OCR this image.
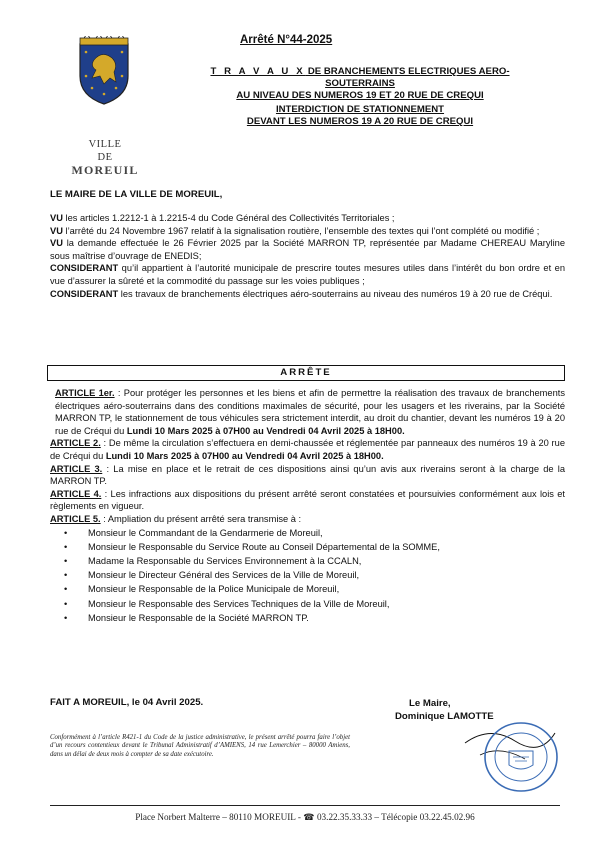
VILLE
DE
MOREUIL
Arrêté N°44-2025
T R A V A U X DE BRANCHEMENTS ELECTRIQUES AERO-SOUTERRAINS
AU NIVEAU DES NUMEROS 19 ET 20 RUE DE CREQUI
INTERDICTION DE STATIONNEMENT
DEVANT LES NUMEROS 19 A 20 RUE DE CREQUI
LE MAIRE DE LA VILLE DE MOREUIL,

VU les articles 1.2212-1 à 1.2215-4 du Code Général des Collectivités Territoriales ;

VU l’arrêté du 24 Novembre 1967 relatif à la signalisation routière, l’ensemble des textes qui l’ont complété ou modifié ;

VU la demande effectuée le 26 Février 2025 par la Société MARRON TP, représentée par Madame CHEREAU Maryline sous maîtrise d’ouvrage de ENEDIS;

CONSIDERANT qu’il appartient à l’autorité municipale de prescrire toutes mesures utiles dans l’intérêt du bon ordre et en vue d’assurer la sûreté et la commodité du passage sur les voies publiques ;

CONSIDERANT les travaux de branchements électriques aéro-souterrains au niveau des numéros 19 à 20 rue de Créqui.

ARRÊTE

ARTICLE 1er. : Pour protéger les personnes et les biens et afin de permettre la réalisation des travaux de branchements électriques aéro-souterrains dans des conditions maximales de sécurité, pour les usagers et les riverains, par la Société MARRON TP, le stationnement de tous véhicules sera strictement interdit, au droit du chantier, devant les numéros 19 à 20 rue de Créqui du Lundi 10 Mars 2025 à 07H00 au Vendredi 04 Avril 2025 à 18H00.

ARTICLE 2. : De même la circulation s’effectuera en demi-chaussée et réglementée par panneaux des numéros 19 à 20 rue de Créqui du Lundi 10 Mars 2025 à 07H00 au Vendredi 04 Avril 2025 à 18H00.

ARTICLE 3. : La mise en place et le retrait de ces dispositions ainsi qu’un avis aux riverains seront à la charge de la MARRON TP.

ARTICLE 4. : Les infractions aux dispositions du présent arrêté seront constatées et poursuivies conformément aux lois et règlements en vigueur.

ARTICLE 5. : Ampliation du présent arrêté sera transmise à :

• Monsieur le Commandant de la Gendarmerie de Moreuil,
• Monsieur le Responsable du Service Route au Conseil Départemental de la SOMME,
• Madame la Responsable du Services Environnement à la CCALN,
• Monsieur le Directeur Général des Services de la Ville de Moreuil,
• Monsieur le Responsable de la Police Municipale de Moreuil,
• Monsieur le Responsable des Services Techniques de la Ville de Moreuil,
• Monsieur le Responsable de la Société MARRON TP.
FAIT A MOREUIL, le 04 Avril 2025.	Le Maire,
Dominique LAMOTTE
Conformément à l’article R421-1 du Code de la justice administrative, le présent arrêté pourra faire l’objet d’un recours contentieux devant le Tribunal Administratif d’AMIENS, 14 rue Lemerchier – 80000 Amiens, dans un délai de deux mois à compter de sa date exécutoire.
Place Norbert Malterre – 80110 MOREUIL - ☎ 03.22.35.33.33 – Télécopie 03.22.45.02.96
